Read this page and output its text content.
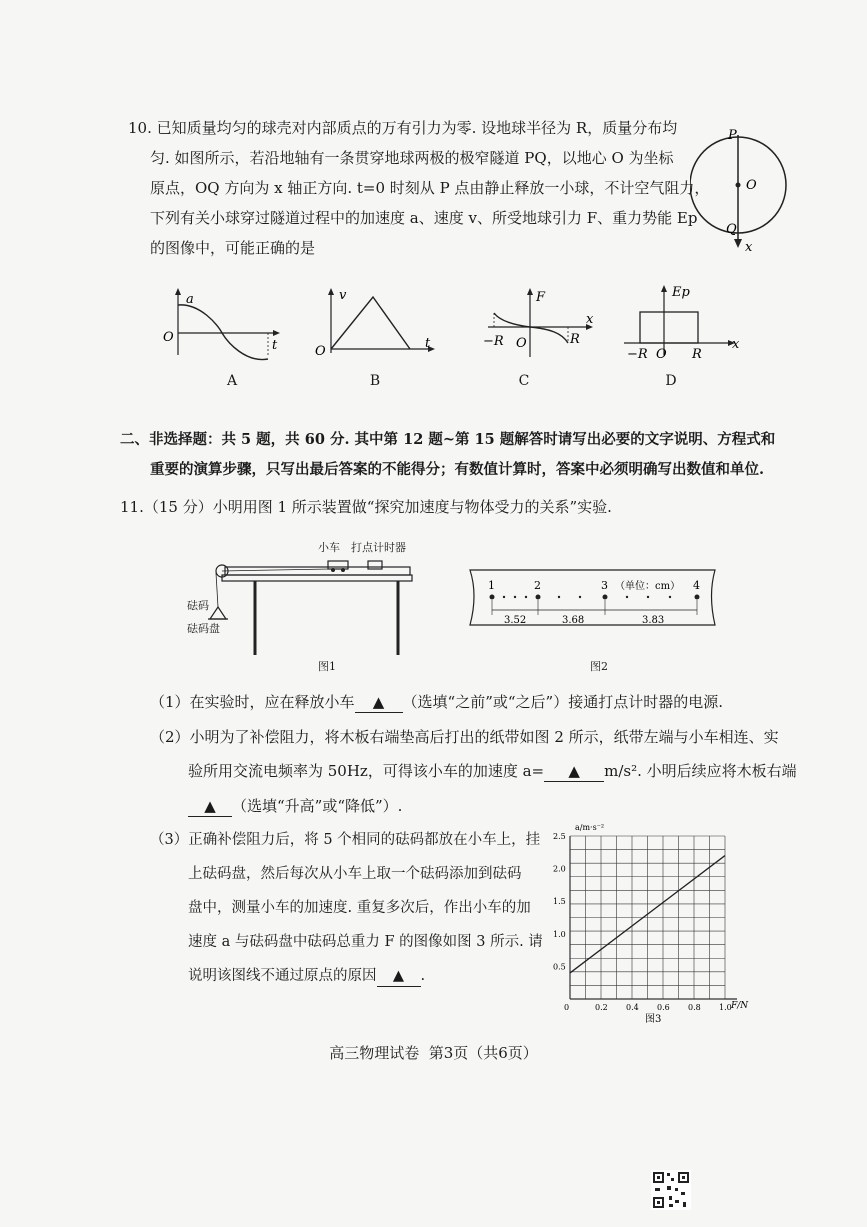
10. 已知质量均匀的球壳对内部质点的万有引力为零. 设地球半径为 R，质量分布均
匀. 如图所示，若沿地轴有一条贯穿地球两极的极窄隧道 PQ，以地心 O 为坐标
原点，OQ 方向为 x 轴正方向. t=0 时刻从 P 点由静止释放一小球，不计空气阻力，
下列有关小球穿过隧道过程中的加速度 a、速度 v、所受地球引力 F、重力势能 Ep
的图像中，可能正确的是
P
O
Q
x
a
O
t
v
O
t
F
x
−R O	R
Ep
x
−R O R
A	B	C	D
二、非选择题：共 5 题，共 60 分. 其中第 12 题~第 15 题解答时请写出必要的文字说明、方程式和
重要的演算步骤，只写出最后答案的不能得分；有数值计算时，答案中必须明确写出数值和单位.
11.（15 分）小明用图 1 所示装置做“探究加速度与物体受力的关系”实验.
小车　打点计时器
砝码
砝码盘
图1
1	2	3	4
（单位：cm）
3.52	3.68	3.83
图2
（1）在实验时，应在释放小车 ▲ （选填“之前”或“之后”）接通打点计时器的电源.
（2）小明为了补偿阻力，将木板右端垫高后打出的纸带如图 2 所示，纸带左端与小车相连、实
验所用交流电频率为 50Hz，可得该小车的加速度 a= ▲ m/s². 小明后续应将木板右端
▲ （选填“升高”或“降低”）.
（3）正确补偿阻力后，将 5 个相同的砝码都放在小车上，挂
上砝码盘，然后每次从小车上取一个砝码添加到砝码
盘中，测量小车的加速度. 重复多次后，作出小车的加
速度 a 与砝码盘中砝码总重力 F 的图像如图 3 所示. 请
说明该图线不通过原点的原因 ▲ .
2.5
2.0
1.5
1.0
0.5
0	0.2 0.4 0.6 0.8 1.0
a/m·s⁻²
F/N
图3
高三物理试卷  第3页（共6页）
